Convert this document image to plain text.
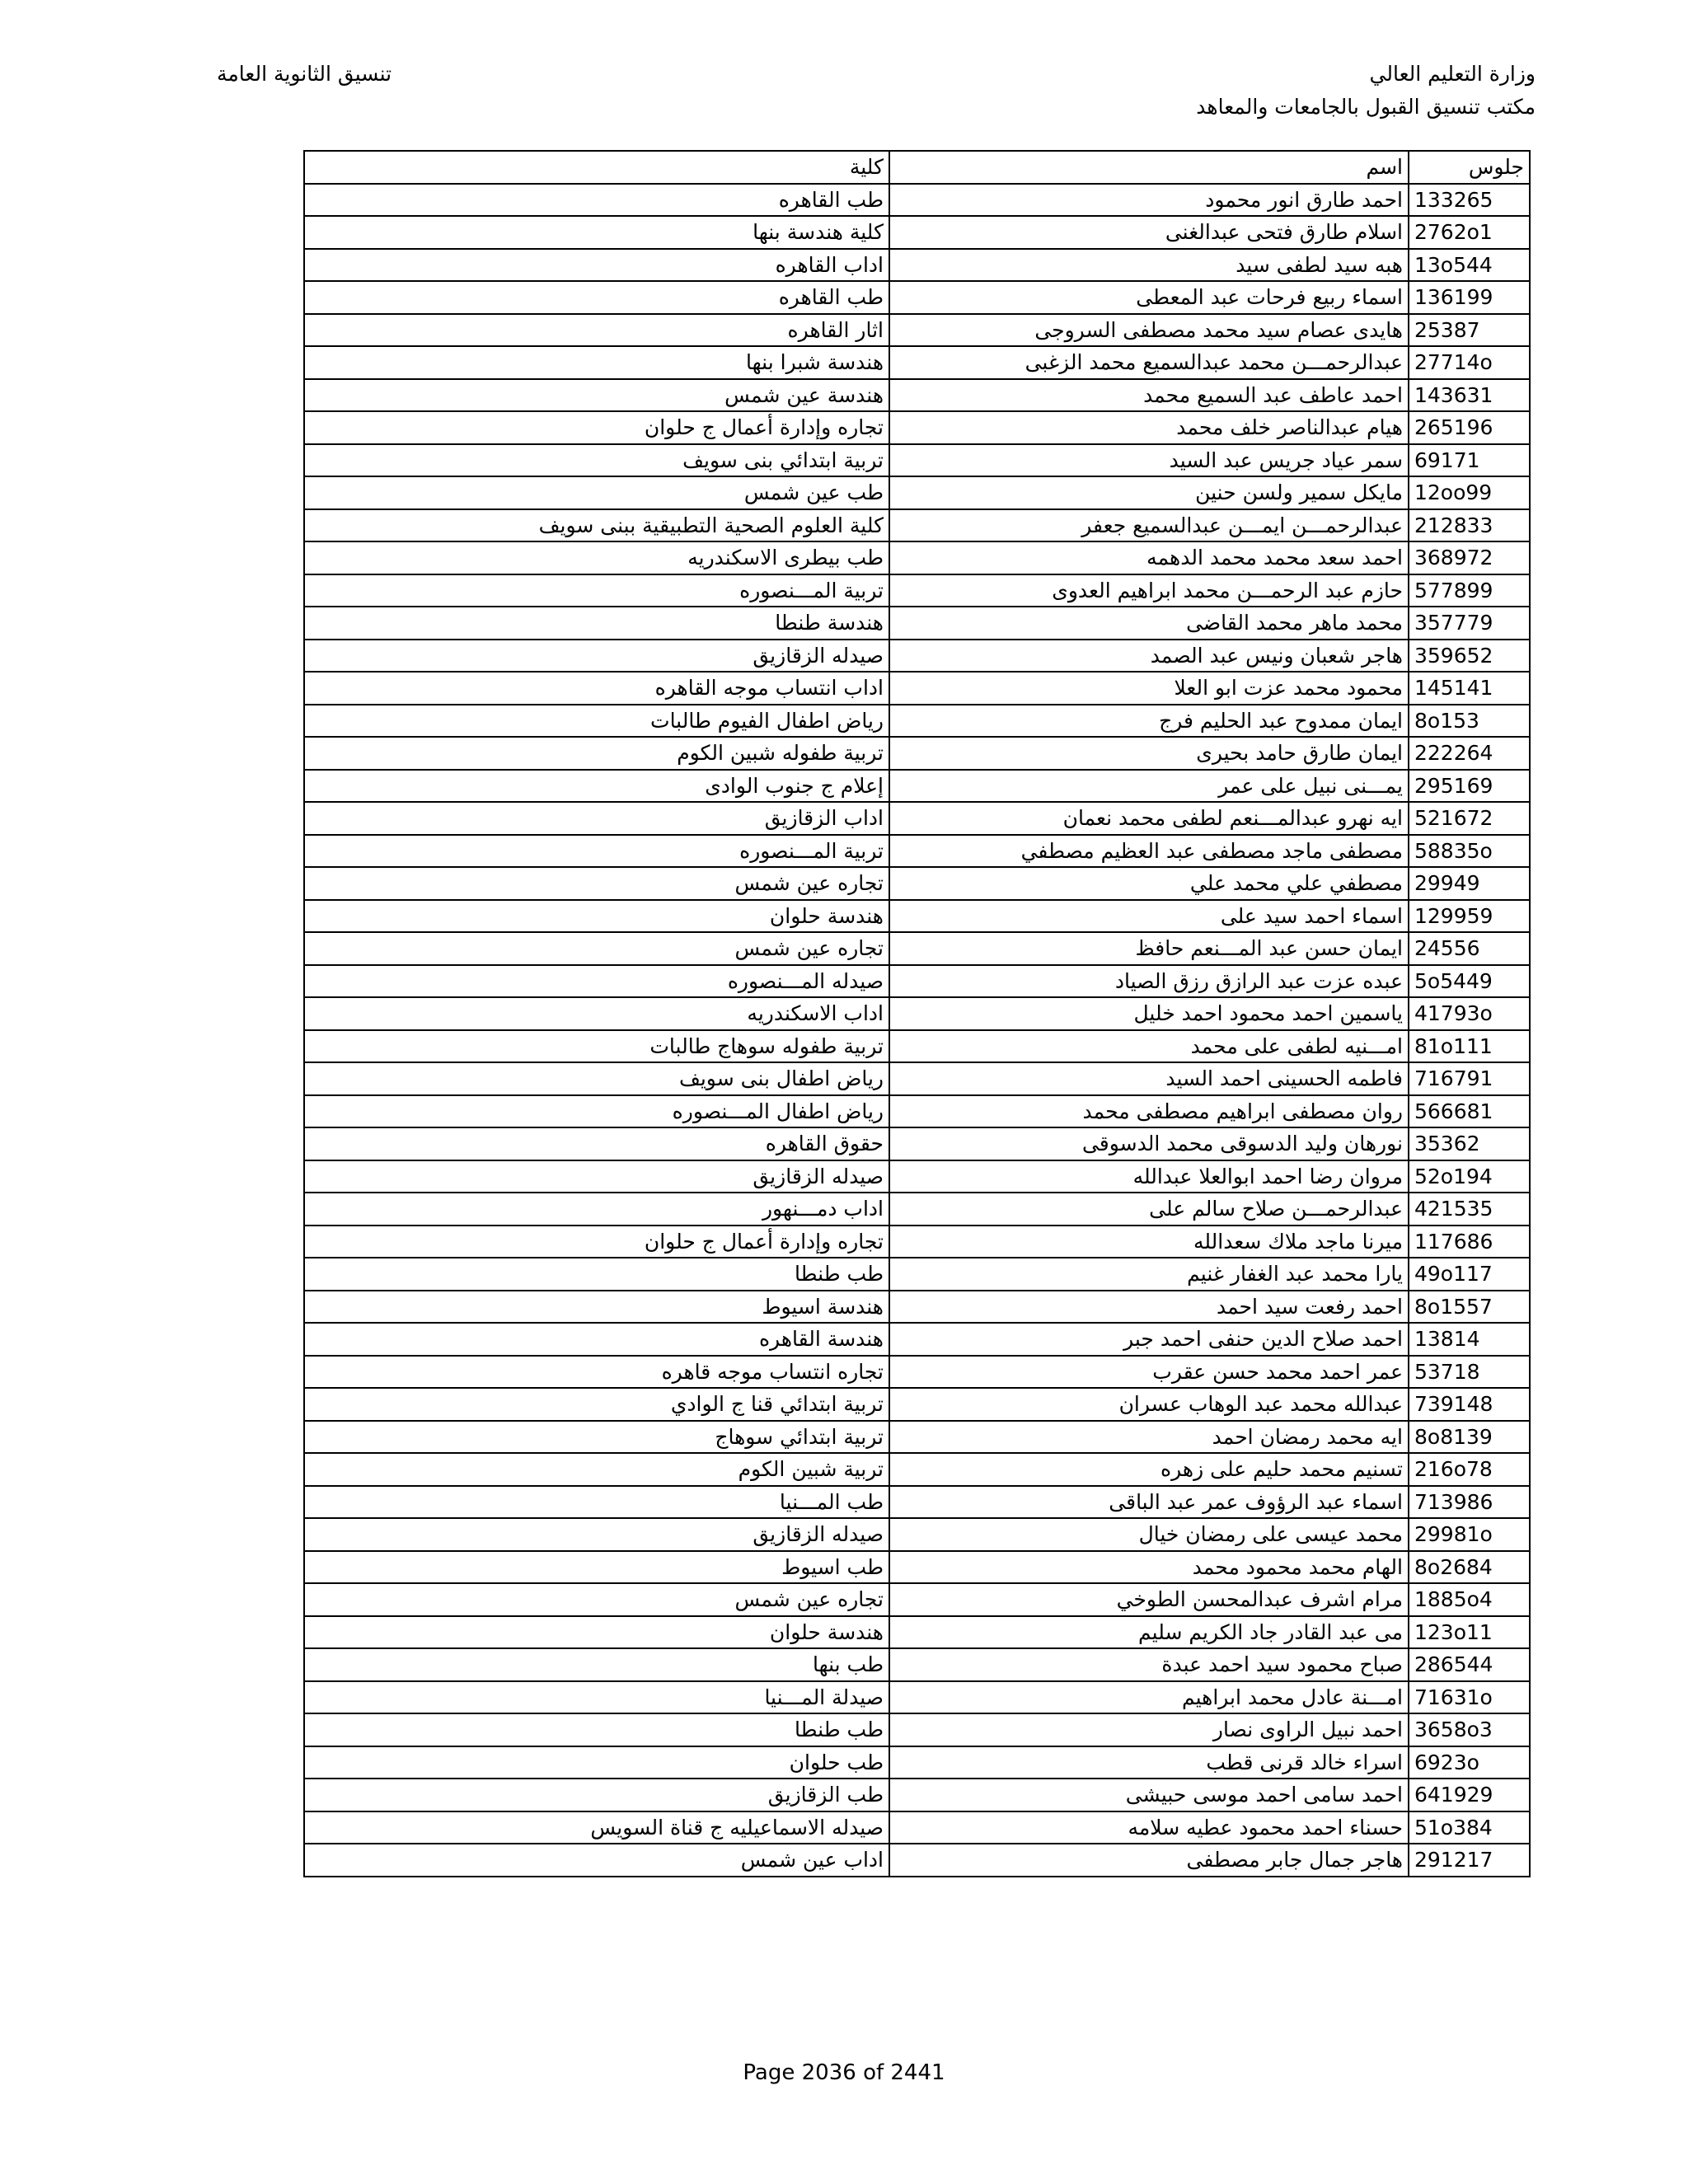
وزارة التعليم العالي
مكتب تنسيق القبول بالجامعات والمعاهد
تنسيق الثانوية العامة
جلوس	اسم	كلية
133265	احمد طارق انور محمود	طب القاهره
2762o1	اسلام طارق فتحى عبدالغنى	كلية هندسة بنها
13o544	هبه سيد لطفى سيد	اداب القاهره
136199	اسماء ربيع فرحات عبد المعطى	طب القاهره
25387	هايدى عصام سيد محمد مصطفى السروجى	اثار القاهره
27714o	عبدالرحمـــن محمد عبدالسميع محمد الزغبى	هندسة شبرا بنها
143631	احمد عاطف عبد السميع محمد	هندسة عين شمس
265196	هيام عبدالناصر خلف محمد	تجاره وإدارة أعمال ج حلوان
69171	سمر عياد جريس عبد السيد	تربية ابتدائي بنى سويف
12oo99	مايكل سمير ولسن حنين	طب عين شمس
212833	عبدالرحمـــن ايمـــن عبدالسميع جعفر	كلية العلوم الصحية التطبيقية ببنى سويف
368972	احمد سعد محمد محمد الدهمه	طب بيطرى الاسكندريه
577899	حازم عبد الرحمـــن محمد ابراهيم العدوى	تربية المـــنصوره
357779	محمد ماهر محمد القاضى	هندسة طنطا
359652	هاجر شعبان ونيس عبد الصمد	صيدله الزقازيق
145141	محمود محمد عزت ابو العلا	اداب انتساب موجه القاهره
8o153	ايمان ممدوح عبد الحليم فرج	رياض اطفال الفيوم طالبات
222264	ايمان طارق حامد بحيرى	تربية طفوله شبين الكوم
295169	يمـــنى نبيل على عمر	إعلام ج جنوب الوادى
521672	ايه نهرو عبدالمـــنعم لطفى محمد نعمان	اداب الزقازيق
58835o	مصطفى ماجد مصطفى عبد العظيم مصطفي	تربية المـــنصوره
29949	مصطفي علي محمد علي	تجاره عين شمس
129959	اسماء احمد سيد على	هندسة حلوان
24556	ايمان حسن عبد المـــنعم حافظ	تجاره عين شمس
5o5449	عبده عزت عبد الرازق رزق الصياد	صيدله المـــنصوره
41793o	ياسمين احمد محمود احمد خليل	اداب الاسكندريه
81o111	امـــنيه لطفى على محمد	تربية طفوله سوهاج طالبات
716791	فاطمه الحسينى احمد السيد	رياض اطفال بنى سويف
566681	روان مصطفى ابراهيم مصطفى محمد	رياض اطفال المـــنصوره
35362	نورهان وليد الدسوقى محمد الدسوقى	حقوق القاهره
52o194	مروان رضا احمد ابوالعلا عبدالله	صيدله الزقازيق
421535	عبدالرحمـــن صلاح سالم على	اداب دمـــنهور
117686	ميرنا ماجد ملاك سعدالله	تجاره وإدارة أعمال ج حلوان
49o117	يارا محمد عبد الغفار غنيم	طب طنطا
8o1557	احمد رفعت سيد احمد	هندسة اسيوط
13814	احمد صلاح الدين حنفى احمد جبر	هندسة القاهره
53718	عمر احمد محمد حسن عقرب	تجاره انتساب موجه قاهره
739148	عبدالله محمد عبد الوهاب عسران	تربية ابتدائي قنا ج الوادي
8o8139	ايه محمد رمضان احمد	تربية ابتدائي سوهاج
216o78	تسنيم محمد حليم على زهره	تربية شبين الكوم
713986	اسماء عبد الرؤوف عمر عبد الباقى	طب المـــنيا
29981o	محمد عيسى على رمضان خيال	صيدله الزقازيق
8o2684	الهام محمد محمود محمد	طب اسيوط
1885o4	مرام اشرف عبدالمحسن الطوخي	تجاره عين شمس
123o11	مى عبد القادر جاد الكريم سليم	هندسة حلوان
286544	صباح محمود سيد احمد عبدة	طب بنها
71631o	امـــنة عادل محمد ابراهيم	صيدلة المـــنيا
3658o3	احمد نبيل الراوى نصار	طب طنطا
6923o	اسراء خالد قرنى قطب	طب حلوان
641929	احمد سامى احمد موسى حبيشى	طب الزقازيق
51o384	حسناء احمد محمود عطيه سلامه	صيدله الاسماعيليه ج قناة السويس
291217	هاجر جمال جابر مصطفى	اداب عين شمس
Page 2036 of 2441
